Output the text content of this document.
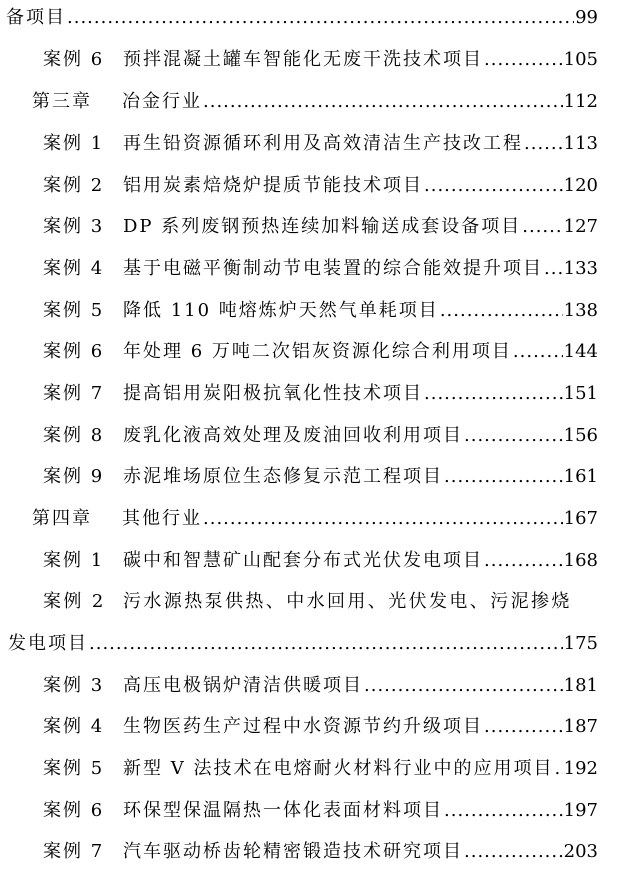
备项目 .....	99
案例 6 预拌混凝土罐车智能化无废干洗技术项目 .....	105
第三章 冶金行业 .....	112
案例 1 再生铅资源循环利用及高效清洁生产技改工程 ..... 113
案例 2 铝用炭素焙烧炉提质节能技术项目 .....	120
案例 3 DP 系列废钢预热连续加料输送成套设备项目 ..... 127
案例 4 基于电磁平衡制动节电装置的综合能效提升项目 ..... 133
案例 5 降低 110 吨熔炼炉天然气单耗项目 .....	138
案例 6 年处理 6 万吨二次铝灰资源化综合利用项目 .....	144
案例 7 提高铝用炭阳极抗氧化性技术项目 .....	151
案例 8 废乳化液高效处理及废油回收利用项目 .....	156
案例 9 赤泥堆场原位生态修复示范工程项目 .....	161
第四章 其他行业 .....	167
案例 1 碳中和智慧矿山配套分布式光伏发电项目 .....	168
案例 2 污水源热泵供热、中水回用、光伏发电、污泥掺烧
发电项目 .....	175
案例 3 高压电极锅炉清洁供暖项目 .....	181
案例 4 生物医药生产过程中水资源节约升级项目 .....	187
案例 5 新型 V 法技术在电熔耐火材料行业中的应用项目 ..... 192
案例 6 环保型保温隔热一体化表面材料项目 .....	197
案例 7 汽车驱动桥齿轮精密锻造技术研究项目 .....	203
